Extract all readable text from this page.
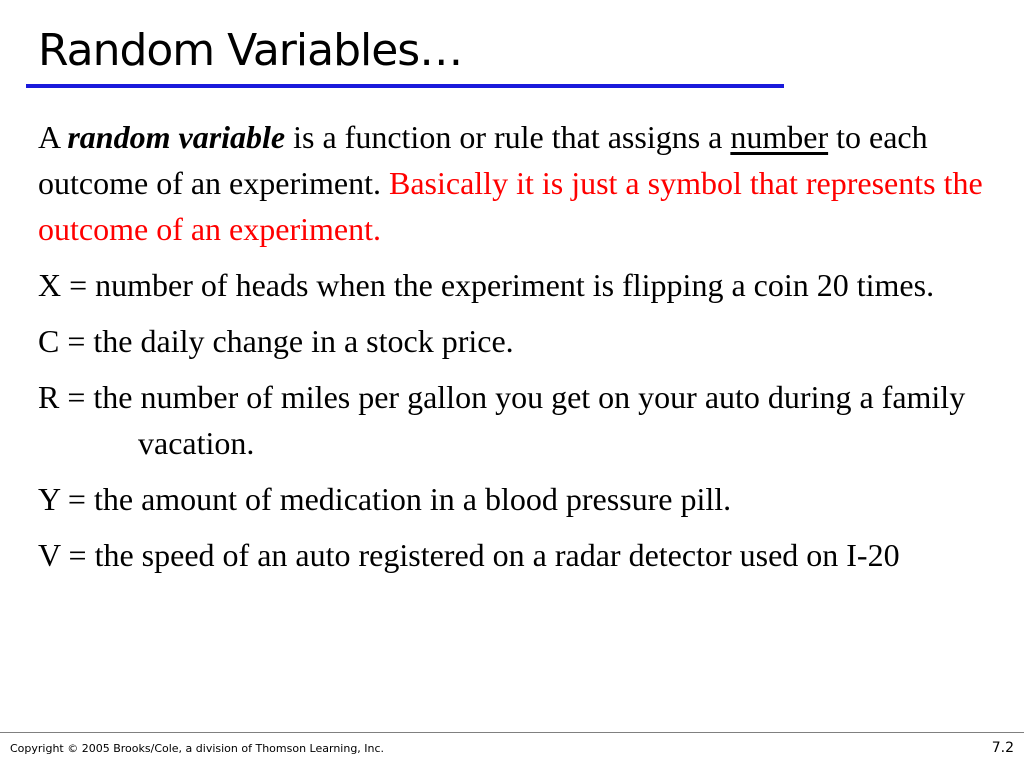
Random Variables…

A random variable is a function or rule that assigns a number to each outcome of an experiment. Basically it is just a symbol that represents the outcome of an experiment.

X = number of heads when the experiment is flipping a coin 20 times.

C = the daily change in a stock price.

R = the number of miles per gallon you get on your auto during a family vacation.

Y = the amount of medication in a blood pressure pill.

V = the speed of an auto registered on a radar detector used on I-20

Copyright © 2005 Brooks/Cole, a division of Thomson Learning, Inc.	7.2
